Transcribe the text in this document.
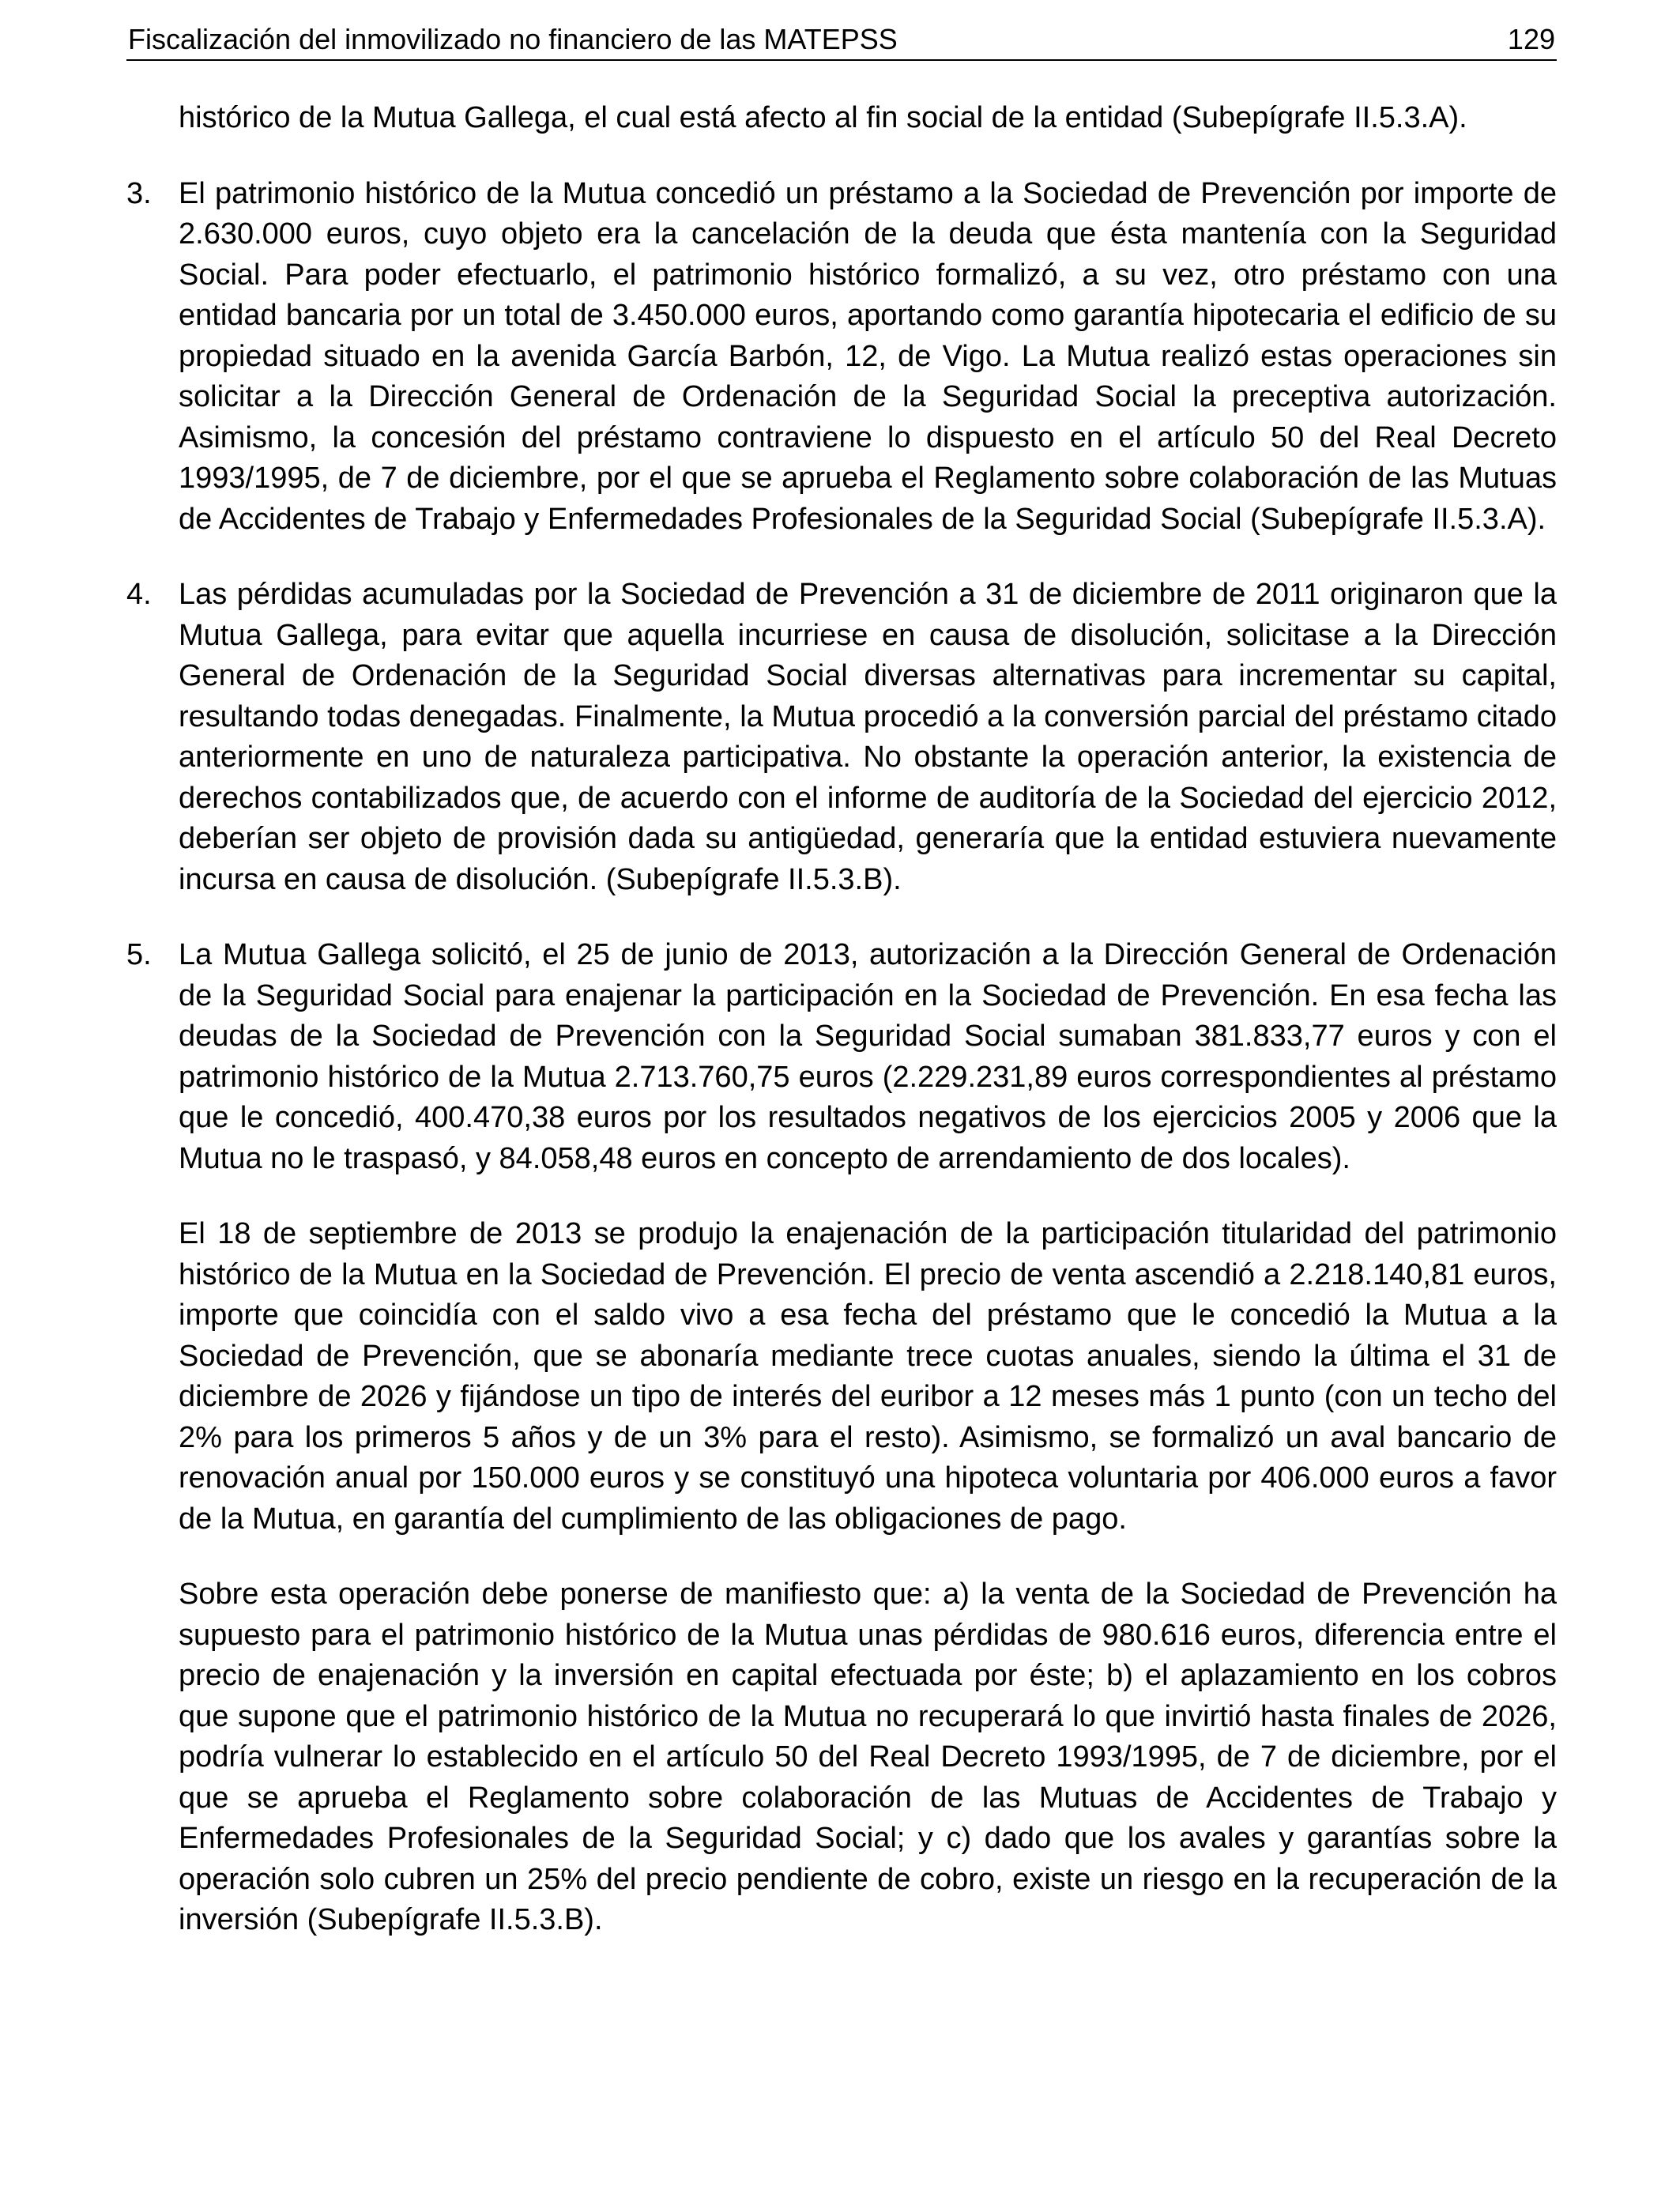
Fiscalización del inmovilizado no financiero de las MATEPSS	129

histórico de la Mutua Gallega, el cual está afecto al fin social de la entidad (Subepígrafe II.5.3.A).

3. El patrimonio histórico de la Mutua concedió un préstamo a la Sociedad de Prevención por importe de 2.630.000 euros, cuyo objeto era la cancelación de la deuda que ésta mantenía con la Seguridad Social. Para poder efectuarlo, el patrimonio histórico formalizó, a su vez, otro préstamo con una entidad bancaria por un total de 3.450.000 euros, aportando como garantía hipotecaria el edificio de su propiedad situado en la avenida García Barbón, 12, de Vigo. La Mutua realizó estas operaciones sin solicitar a la Dirección General de Ordenación de la Seguridad Social la preceptiva autorización. Asimismo, la concesión del préstamo contraviene lo dispuesto en el artículo 50 del Real Decreto 1993/1995, de 7 de diciembre, por el que se aprueba el Reglamento sobre colaboración de las Mutuas de Accidentes de Trabajo y Enfermedades Profesionales de la Seguridad Social (Subepígrafe II.5.3.A).

4. Las pérdidas acumuladas por la Sociedad de Prevención a 31 de diciembre de 2011 originaron que la Mutua Gallega, para evitar que aquella incurriese en causa de disolución, solicitase a la Dirección General de Ordenación de la Seguridad Social diversas alternativas para incrementar su capital, resultando todas denegadas. Finalmente, la Mutua procedió a la conversión parcial del préstamo citado anteriormente en uno de naturaleza participativa. No obstante la operación anterior, la existencia de derechos contabilizados que, de acuerdo con el informe de auditoría de la Sociedad del ejercicio 2012, deberían ser objeto de provisión dada su antigüedad, generaría que la entidad estuviera nuevamente incursa en causa de disolución. (Subepígrafe II.5.3.B).

5. La Mutua Gallega solicitó, el 25 de junio de 2013, autorización a la Dirección General de Ordenación de la Seguridad Social para enajenar la participación en la Sociedad de Prevención. En esa fecha las deudas de la Sociedad de Prevención con la Seguridad Social sumaban 381.833,77 euros y con el patrimonio histórico de la Mutua 2.713.760,75 euros (2.229.231,89 euros correspondientes al préstamo que le concedió, 400.470,38 euros por los resultados negativos de los ejercicios 2005 y 2006 que la Mutua no le traspasó, y 84.058,48 euros en concepto de arrendamiento de dos locales).

El 18 de septiembre de 2013 se produjo la enajenación de la participación titularidad del patrimonio histórico de la Mutua en la Sociedad de Prevención. El precio de venta ascendió a 2.218.140,81 euros, importe que coincidía con el saldo vivo a esa fecha del préstamo que le concedió la Mutua a la Sociedad de Prevención, que se abonaría mediante trece cuotas anuales, siendo la última el 31 de diciembre de 2026 y fijándose un tipo de interés del euribor a 12 meses más 1 punto (con un techo del 2% para los primeros 5 años y de un 3% para el resto). Asimismo, se formalizó un aval bancario de renovación anual por 150.000 euros y se constituyó una hipoteca voluntaria por 406.000 euros a favor de la Mutua, en garantía del cumplimiento de las obligaciones de pago.

Sobre esta operación debe ponerse de manifiesto que: a) la venta de la Sociedad de Prevención ha supuesto para el patrimonio histórico de la Mutua unas pérdidas de 980.616 euros, diferencia entre el precio de enajenación y la inversión en capital efectuada por éste; b) el aplazamiento en los cobros que supone que el patrimonio histórico de la Mutua no recuperará lo que invirtió hasta finales de 2026, podría vulnerar lo establecido en el artículo 50 del Real Decreto 1993/1995, de 7 de diciembre, por el que se aprueba el Reglamento sobre colaboración de las Mutuas de Accidentes de Trabajo y Enfermedades Profesionales de la Seguridad Social; y c) dado que los avales y garantías sobre la operación solo cubren un 25% del precio pendiente de cobro, existe un riesgo en la recuperación de la inversión (Subepígrafe II.5.3.B).
